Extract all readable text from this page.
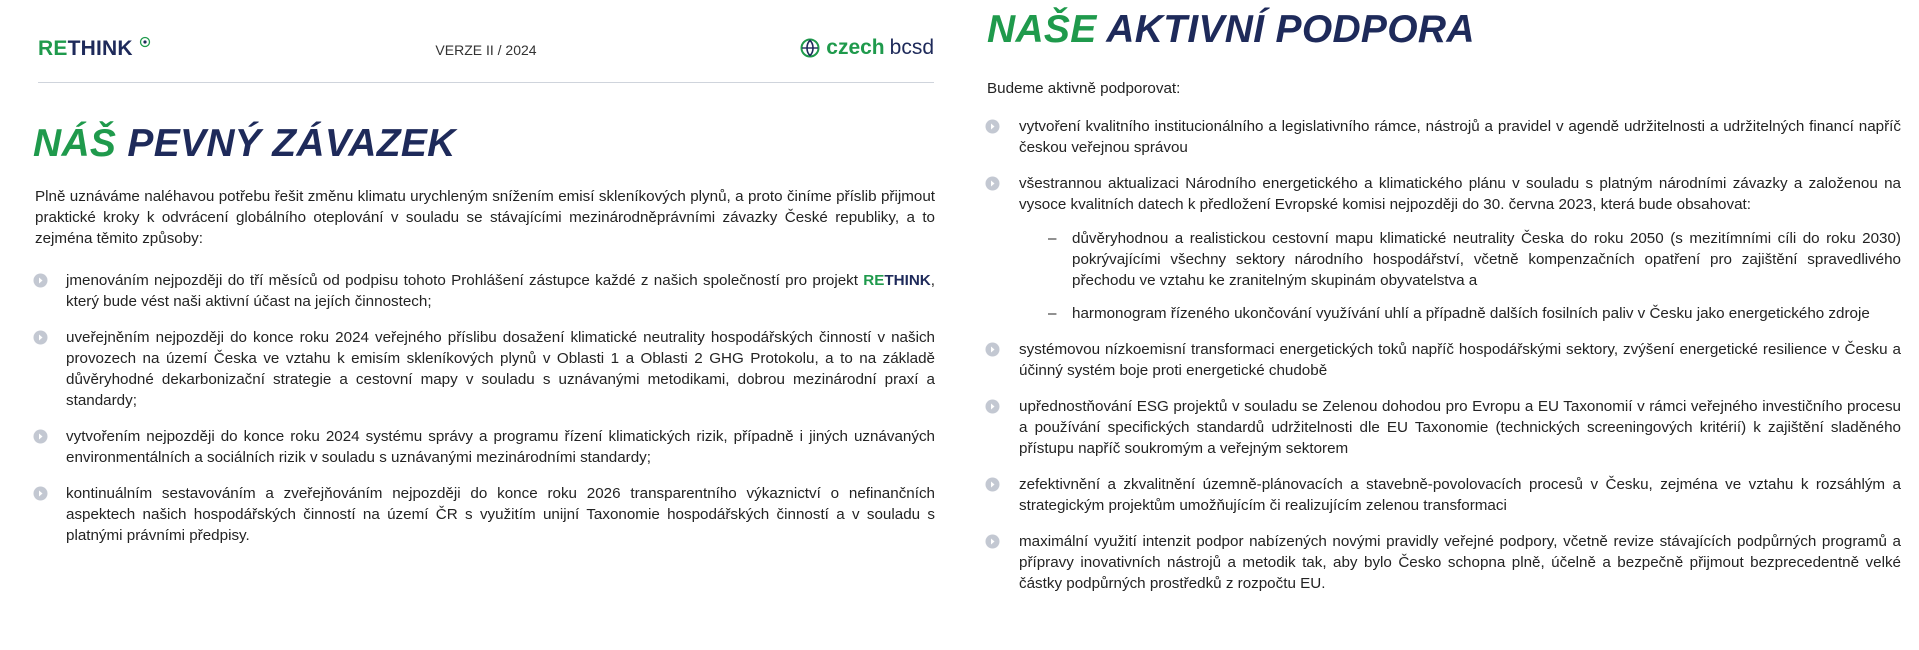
RETHINK	VERZE II / 2024	czech bcsd
NÁŠ PEVNÝ ZÁVAZEK

Plně uznáváme naléhavou potřebu řešit změnu klimatu urychleným snížením emisí skleníkových plynů, a proto činíme příslib přijmout praktické kroky k odvrácení globálního oteplování v souladu se stávajícími mezinárodněprávními závazky České republiky, a to zejména těmito způsoby:

jmenováním nejpozději do tří měsíců od podpisu tohoto Prohlášení zástupce každé z našich společností pro projekt RETHINK, který bude vést naši aktivní účast na jejích činnostech;
uveřejněním nejpozději do konce roku 2024 veřejného příslibu dosažení klimatické neutrality hospodářských činností v našich provozech na území Česka ve vztahu k emisím skleníkových plynů v Oblasti 1 a Oblasti 2 GHG Protokolu, a to na základě důvěryhodné dekarbonizační strategie a cestovní mapy v souladu s uznávanými metodikami, dobrou mezinárodní praxí a standardy;
vytvořením nejpozději do konce roku 2024 systému správy a programu řízení klimatických rizik, případně i jiných uznávaných environmentálních a sociálních rizik v souladu s uznávanými mezinárodními standardy;
kontinuálním sestavováním a zveřejňováním nejpozději do konce roku 2026 transparentního výkaznictví o nefinančních aspektech našich hospodářských činností na území ČR s využitím unijní Taxonomie hospodářských činností a v souladu s platnými právními předpisy.
NAŠE AKTIVNÍ PODPORA

Budeme aktivně podporovat:

vytvoření kvalitního institucionálního a legislativního rámce, nástrojů a pravidel v agendě udržitelnosti a udržitelných financí napříč českou veřejnou správou
všestrannou aktualizaci Národního energetického a klimatického plánu v souladu s platným národními závazky a založenou na vysoce kvalitních datech k předložení Evropské komisi nejpozději do 30. června 2023, která bude obsahovat:
– důvěryhodnou a realistickou cestovní mapu klimatické neutrality Česka do roku 2050 (s mezitímními cíli do roku 2030) pokrývajícími všechny sektory národního hospodářství, včetně kompenzačních opatření pro zajištění spravedlivého přechodu ve vztahu ke zranitelným skupinám obyvatelstva a
– harmonogram řízeného ukončování využívání uhlí a případně dalších fosilních paliv v Česku jako energetického zdroje
systémovou nízkoemisní transformaci energetických toků napříč hospodářskými sektory, zvýšení energetické resilience v Česku a účinný systém boje proti energetické chudobě
upřednostňování ESG projektů v souladu se Zelenou dohodou pro Evropu a EU Taxonomií v rámci veřejného investičního procesu a používání specifických standardů udržitelnosti dle EU Taxonomie (technických screeningových kritérií) k zajištění sladěného přístupu napříč soukromým a veřejným sektorem
zefektivnění a zkvalitnění územně-plánovacích a stavebně-povolovacích procesů v Česku, zejména ve vztahu k rozsáhlým a strategickým projektům umožňujícím či realizujícím zelenou transformaci
maximální využití intenzit podpor nabízených novými pravidly veřejné podpory, včetně revize stávajících podpůrných programů a přípravy inovativních nástrojů a metodik tak, aby bylo Česko schopna plně, účelně a bezpečně přijmout bezprecedentně velké částky podpůrných prostředků z rozpočtu EU.
